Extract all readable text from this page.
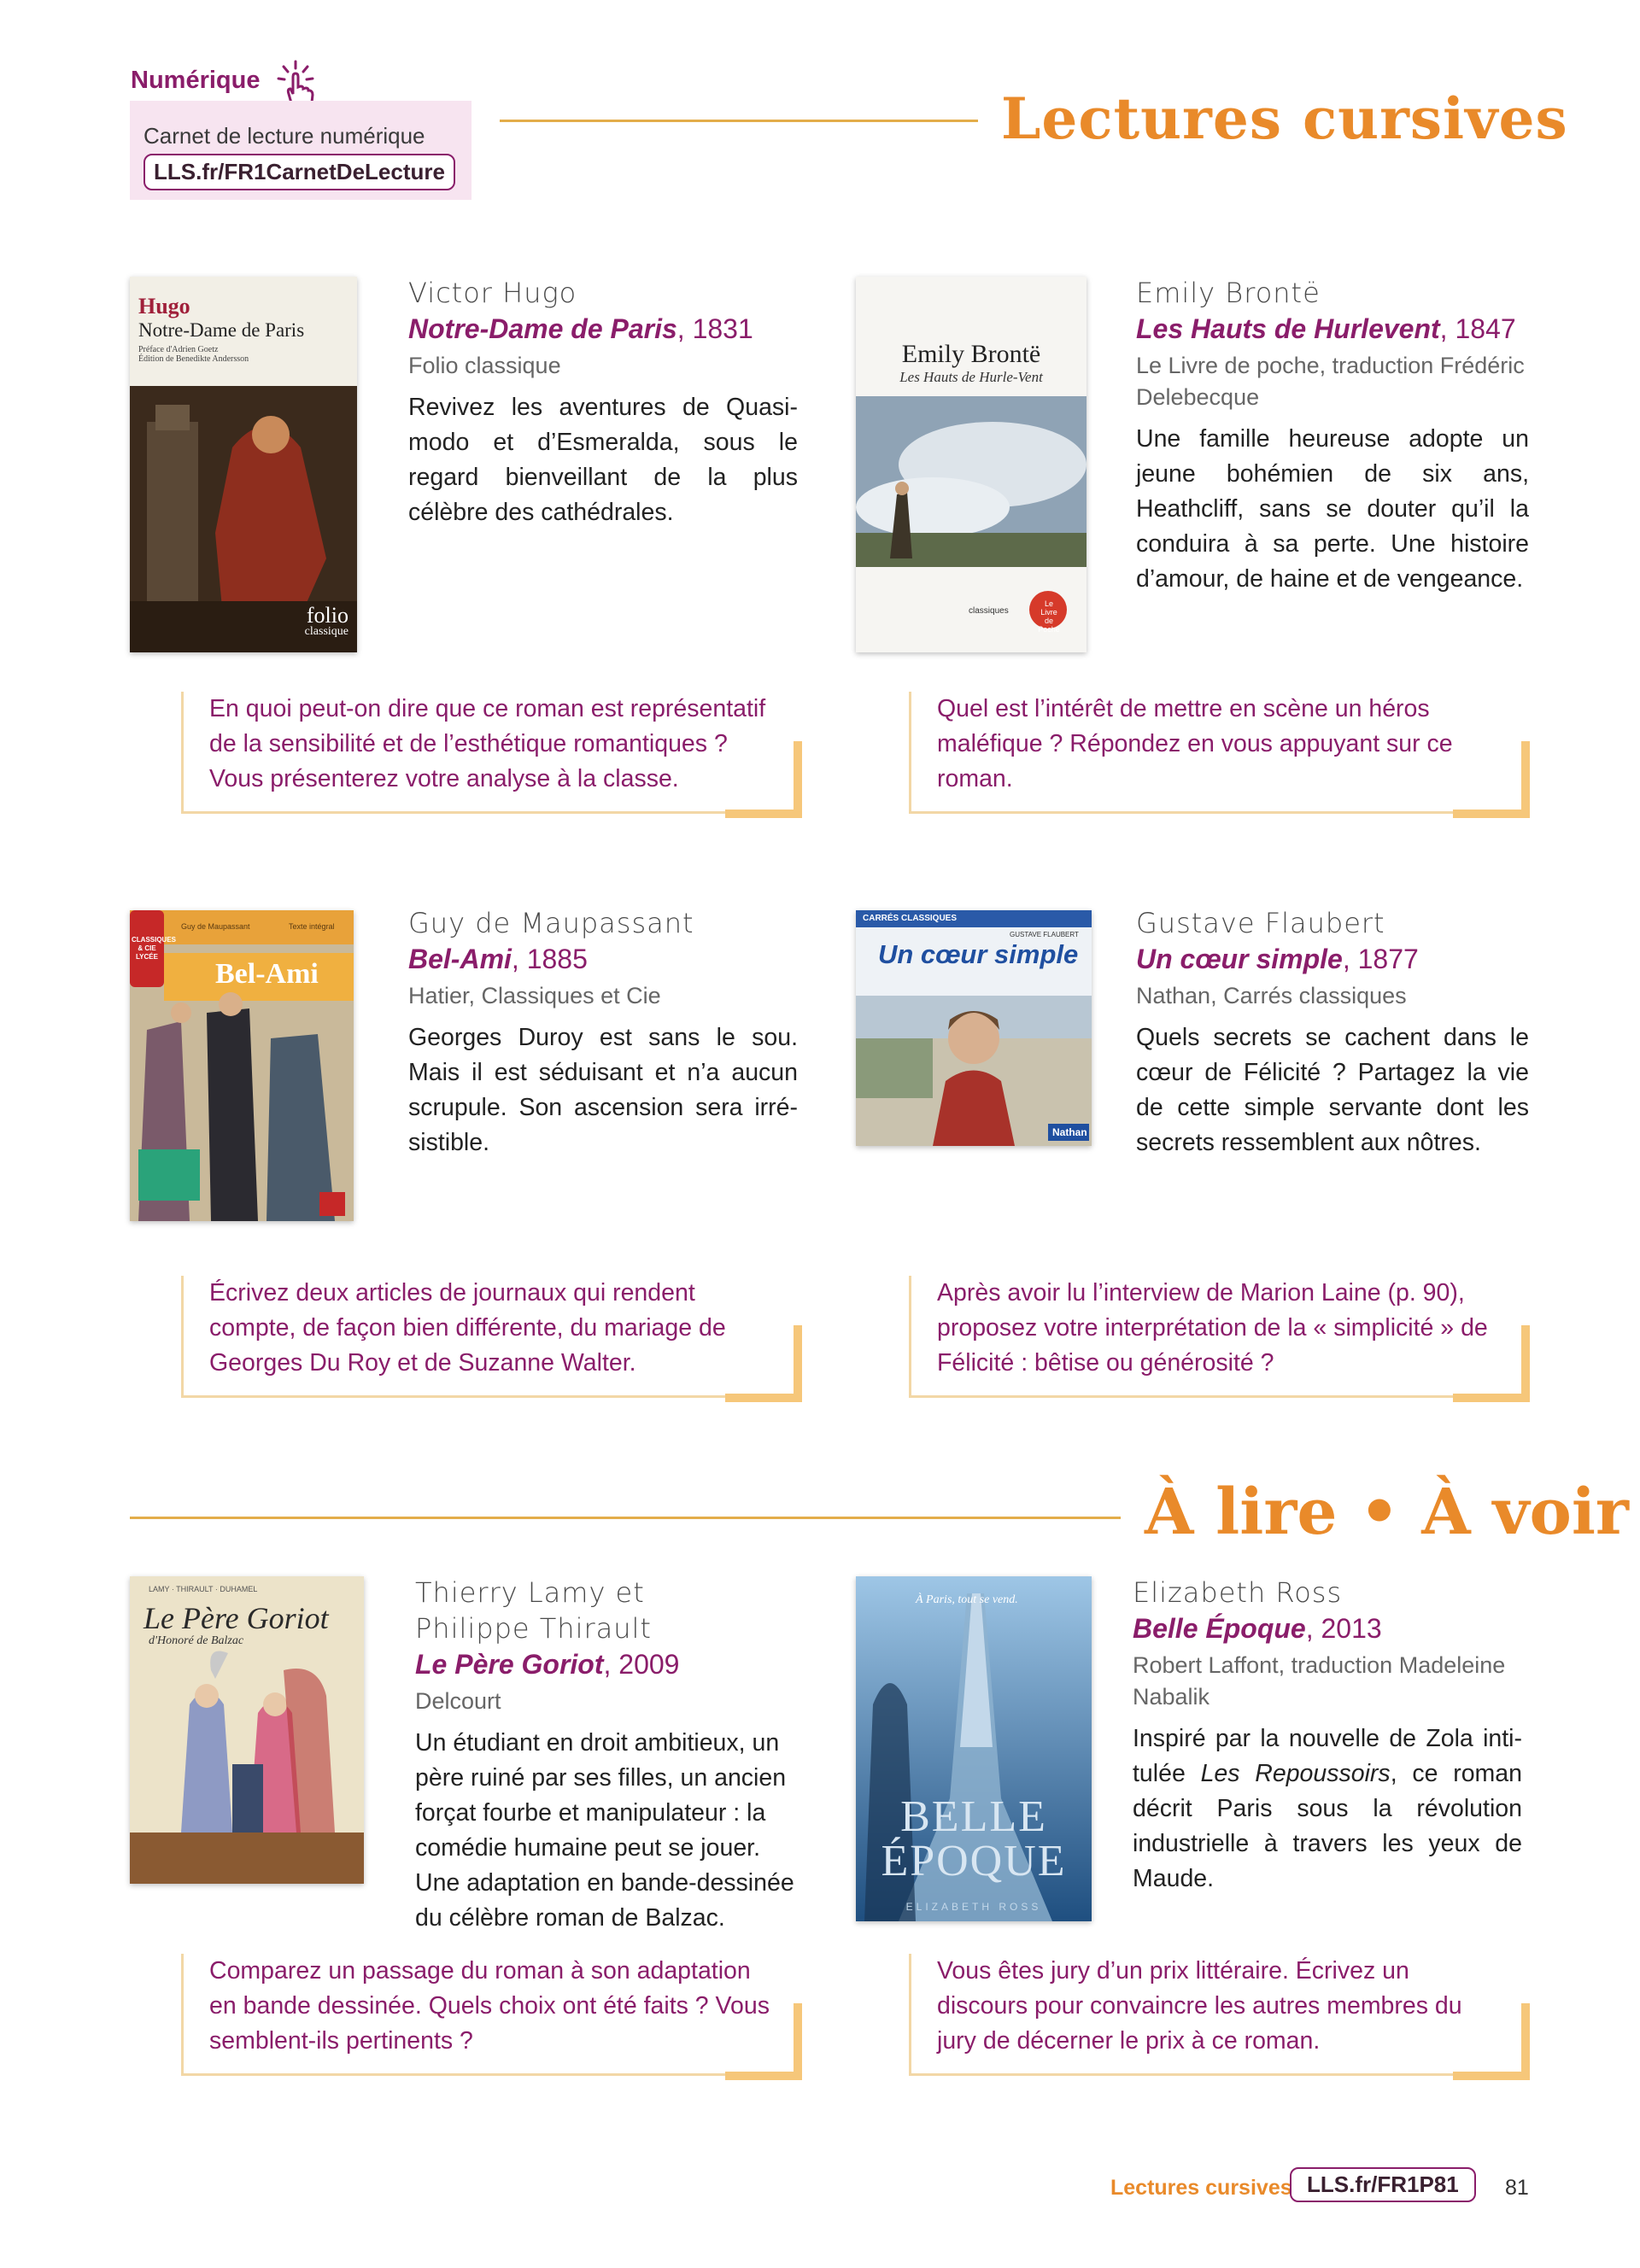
Numérique
Carnet de lecture numérique
LLS.fr/FR1CarnetDeLecture
Lectures cursives
Hugo
Notre-Dame de Paris
Préface d'Adrien Goetz
Édition de Benedikte Andersson
folio
classique
Victor Hugo
Notre-Dame de Paris, 1831
Folio classique
Revivez les aventures de Quasi-modo et d’Esmeralda, sous le regard bienveillant de la plus célèbre des cathédrales.
En quoi peut-on dire que ce roman est représentatif de la sensibilité et de l’esthétique romantiques ? Vous présenterez votre analyse à la classe.
Emily Brontë
Les Hauts de Hurle-Vent
classiques
Le Livre de Poche
Emily Brontë
Les Hauts de Hurlevent, 1847
Le Livre de poche, traduction Frédéric Delebecque
Une famille heureuse adopte un jeune bohémien de six ans, Heathcliff, sans se douter qu’il la conduira à sa perte. Une histoire d’amour, de haine et de vengeance.
Quel est l’intérêt de mettre en scène un héros maléfique ? Répondez en vous appuyant sur ce roman.
Bel-Ami
CLASSIQUES & CIE LYCÉE
Guy de Maupassant	Texte intégral	Guy de Maupassant
Bel-Ami, 1885
Hatier, Classiques et Cie
Georges Duroy est sans le sou. Mais il est séduisant et n’a aucun scrupule. Son ascension sera irré-sistible.
Écrivez deux articles de journaux qui rendent compte, de façon bien différente, du mariage de Georges Du Roy et de Suzanne Walter.
CARRÉS CLASSIQUES
GUSTAVE FLAUBERT
Un cœur simple
Nathan
Gustave Flaubert
Un cœur simple, 1877
Nathan, Carrés classiques
Quels secrets se cachent dans le cœur de Félicité ? Partagez la vie de cette simple servante dont les secrets ressemblent aux nôtres.
Après avoir lu l’interview de Marion Laine (p. 90), proposez votre interprétation de la « simplicité » de Félicité : bêtise ou générosité ?
À lire • À voir
LAMY · THIRAULT · DUHAMEL
Le Père Goriot
d'Honoré de Balzac
Thierry Lamy et Philippe Thirault
Le Père Goriot, 2009
Delcourt
Un étudiant en droit ambitieux, un père ruiné par ses filles, un ancien forçat fourbe et manipulateur : la comédie humaine peut se jouer. Une adaptation en bande-dessinée du célèbre roman de Balzac.
Comparez un passage du roman à son adaptation en bande dessinée. Quels choix ont été faits ? Vous semblent-ils pertinents ?
À Paris, tout se vend.
BELLE
ÉPOQUE
ELIZABETH ROSS
Elizabeth Ross
Belle Époque, 2013
Robert Laffont, traduction Madeleine Nabalik
Inspiré par la nouvelle de Zola inti-tulée Les Repoussoirs, ce roman décrit Paris sous la révolution industrielle à travers les yeux de Maude.
Vous êtes jury d’un prix littéraire. Écrivez un discours pour convaincre les autres membres du jury de décerner le prix à ce roman.
Lectures cursives LLS.fr/FR1P81	81
